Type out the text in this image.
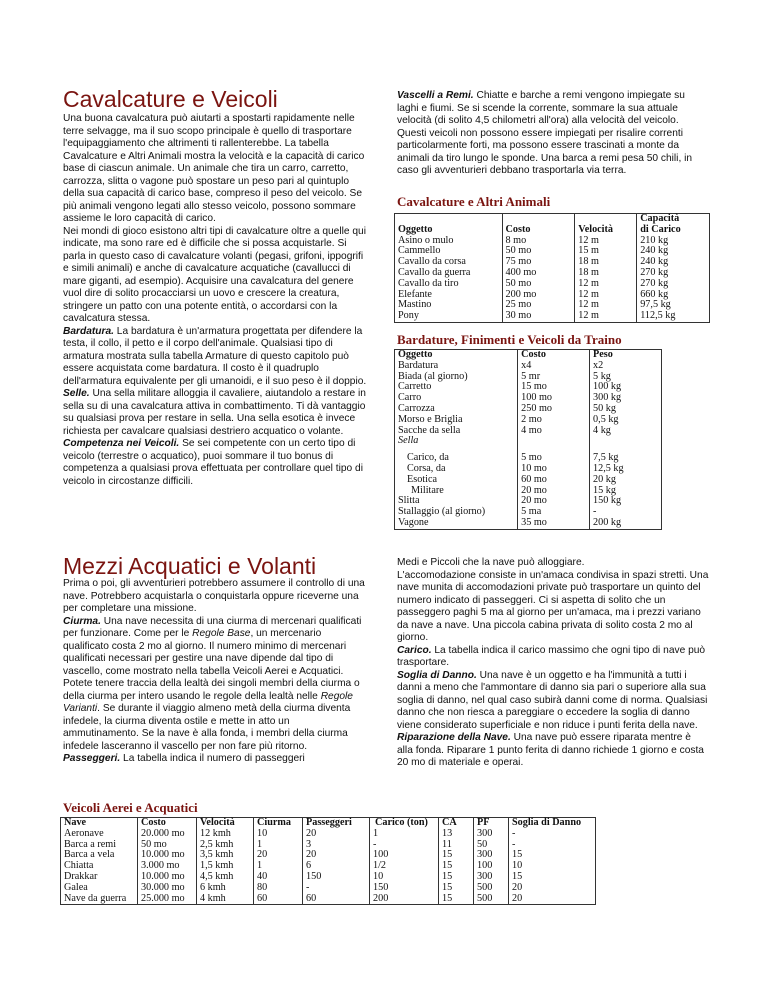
Cavalcature e Veicoli

Una buona cavalcatura può aiutarti a spostarti rapidamente nelle terre selvagge, ma il suo scopo principale è quello di trasportare l'equipaggiamento che altrimenti ti rallenterebbe. La tabella Cavalcature e Altri Animali mostra la velocità e la capacità di carico base di ciascun animale. Un animale che tira un carro, carretto, carrozza, slitta o vagone può spostare un peso pari al quintuplo della sua capacità di carico base, compreso il peso del veicolo. Se più animali vengono legati allo stesso veicolo, possono sommare assieme le loro capacità di carico.

Nei mondi di gioco esistono altri tipi di cavalcature oltre a quelle qui indicate, ma sono rare ed è difficile che si possa acquistarle. Si parla in questo caso di cavalcature volanti (pegasi, grifoni, ippogrifi e simili animali) e anche di cavalcature acquatiche (cavallucci di mare giganti, ad esempio). Acquisire una cavalcatura del genere vuol dire di solito procacciarsi un uovo e crescere la creatura, stringere un patto con una potente entità, o accordarsi con la cavalcatura stessa.

Bardatura. La bardatura è un'armatura progettata per difendere la testa, il collo, il petto e il corpo dell'animale. Qualsiasi tipo di armatura mostrata sulla tabella Armature di questo capitolo può essere acquistata come bardatura. Il costo è il quadruplo dell'armatura equivalente per gli umanoidi, e il suo peso è il doppio.

Selle. Una sella militare alloggia il cavaliere, aiutandolo a restare in sella su di una cavalcatura attiva in combattimento. Ti dà vantaggio su qualsiasi prova per restare in sella. Una sella esotica è invece richiesta per cavalcare qualsiasi destriero acquatico o volante.

Competenza nei Veicoli. Se sei competente con un certo tipo di veicolo (terrestre o acquatico), puoi sommare il tuo bonus di competenza a qualsiasi prova effettuata per controllare quel tipo di veicolo in circostanze difficili.

Vascelli a Remi. Chiatte e barche a remi vengono impiegate su laghi e fiumi. Se si scende la corrente, sommare la sua attuale velocità (di solito 4,5 chilometri all'ora) alla velocità del veicolo. Questi veicoli non possono essere impiegati per risalire correnti particolarmente forti, ma possono essere trascinati a monte da animali da tiro lungo le sponde. Una barca a remi pesa 50 chili, in caso gli avventurieri debbano trasportarla via terra.

Cavalcature e Altri Animali
Oggetto	Costo	Velocità	Capacità
di Carico
Asino o mulo	8 mo	12 m	210 kg
Cammello	50 mo	15 m	240 kg
Cavallo da corsa	75 mo	18 m	240 kg
Cavallo da guerra	400 mo	18 m	270 kg
Cavallo da tiro	50 mo	12 m	270 kg
Elefante	200 mo	12 m	660 kg
Mastino	25 mo	12 m	97,5 kg
Pony	30 mo	12 m	112,5 kg
Bardature, Finimenti e Veicoli da Traino
Oggetto	Costo	Peso
Bardatura	x4	x2
Biada (al giorno)	5 mr	5 kg
Carretto	15 mo	100 kg
Carro	100 mo	300 kg
Carrozza	250 mo	50 kg
Morso e Briglia	2 mo	0,5 kg
Sacche da sella	4 mo	4 kg
Sella		

Carico, da	5 mo	7,5 kg
Corsa, da	10 mo	12,5 kg
Esotica	60 mo	20 kg
Militare	20 mo	15 kg
Slitta	20 mo	150 kg
Stallaggio (al giorno)	5 ma	-
Vagone	35 mo	200 kg
Mezzi Acquatici e Volanti

Prima o poi, gli avventurieri potrebbero assumere il controllo di una nave. Potrebbero acquistarla o conquistarla oppure riceverne una per completare una missione.

Ciurma. Una nave necessita di una ciurma di mercenari qualificati per funzionare. Come per le Regole Base, un mercenario qualificato costa 2 mo al giorno. Il numero minimo di mercenari qualificati necessari per gestire una nave dipende dal tipo di vascello, come mostrato nella tabella Veicoli Aerei e Acquatici.

Potete tenere traccia della lealtà dei singoli membri della ciurma o della ciurma per intero usando le regole della lealtà nelle Regole Varianti. Se durante il viaggio almeno metà della ciurma diventa infedele, la ciurma diventa ostile e mette in atto un ammutinamento. Se la nave è alla fonda, i membri della ciurma infedele lasceranno il vascello per non fare più ritorno.

Passeggeri. La tabella indica il numero di passeggeri

Medi e Piccoli che la nave può alloggiare.

L'accomodazione consiste in un'amaca condivisa in spazi stretti. Una nave munita di accomodazioni private può trasportare un quinto del numero indicato di passeggeri. Ci si aspetta di solito che un passeggero paghi 5 ma al giorno per un'amaca, ma i prezzi variano da nave a nave. Una piccola cabina privata di solito costa 2 mo al giorno.

Carico. La tabella indica il carico massimo che ogni tipo di nave può trasportare.

Soglia di Danno. Una nave è un oggetto e ha l'immunità a tutti i danni a meno che l'ammontare di danno sia pari o superiore alla sua soglia di danno, nel qual caso subirà danni come di norma. Qualsiasi danno che non riesca a pareggiare o eccedere la soglia di danno viene considerato superficiale e non riduce i punti ferita della nave.

Riparazione della Nave. Una nave può essere riparata mentre è alla fonda. Riparare 1 punto ferita di danno richiede 1 giorno e costa 20 mo di materiale e operai.

Veicoli Aerei e Acquatici
Nave	Costo	Velocità	Ciurma	Passeggeri	Carico (ton)	CA	PF	Soglia di Danno
Aeronave	20.000 mo	12 kmh	10	20	1	13	300	-
Barca a remi	50 mo	2,5 kmh	1	3	-	11	50	-
Barca a vela	10.000 mo	3,5 kmh	20	20	100	15	300	15
Chiatta	3.000 mo	1,5 kmh	1	6	1/2	15	100	10
Drakkar	10.000 mo	4,5 kmh	40	150	10	15	300	15
Galea	30.000 mo	6 kmh	80	-	150	15	500	20
Nave da guerra	25.000 mo	4 kmh	60	60	200	15	500	20
